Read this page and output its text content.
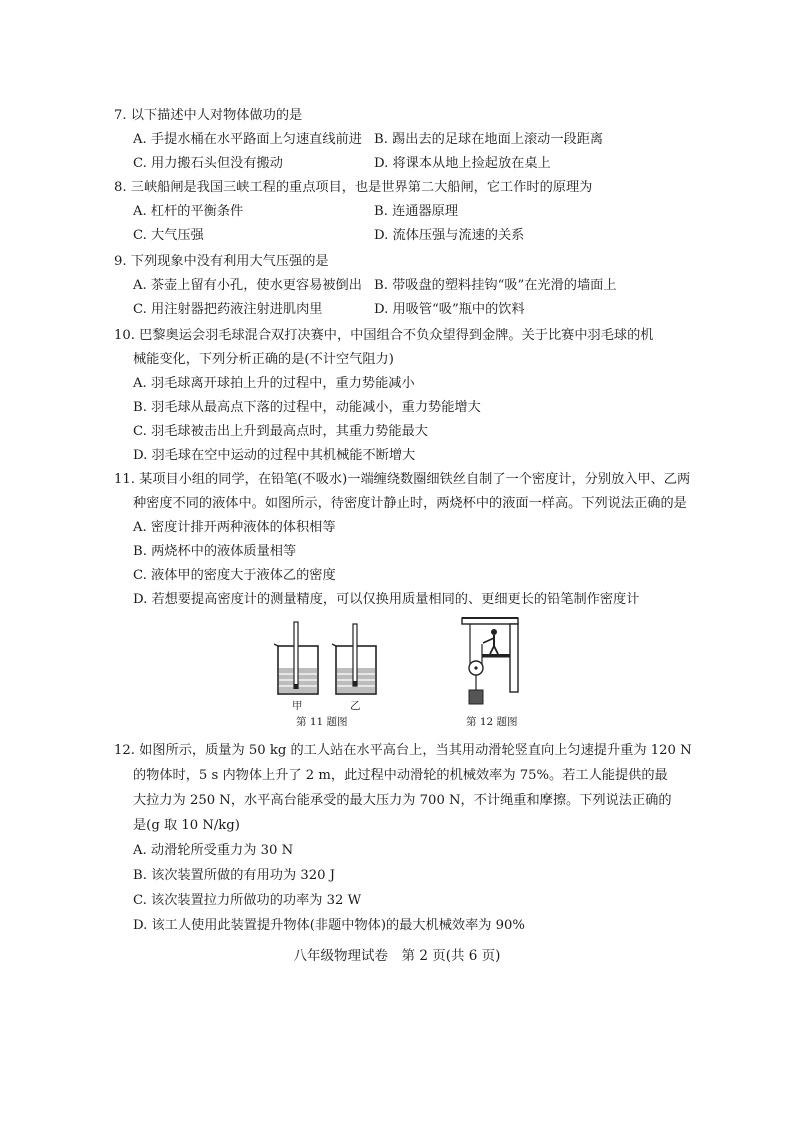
7. 以下描述中人对物体做功的是
A. 手提水桶在水平路面上匀速直线前进 B. 踢出去的足球在地面上滚动一段距离
C. 用力搬石头但没有搬动	D. 将课本从地上捡起放在桌上
8. 三峡船闸是我国三峡工程的重点项目，也是世界第二大船闸，它工作时的原理为
A. 杠杆的平衡条件	B. 连通器原理
C. 大气压强	D. 流体压强与流速的关系
9. 下列现象中没有利用大气压强的是
A. 茶壶上留有小孔，使水更容易被倒出 B. 带吸盘的塑料挂钩“吸”在光滑的墙面上
C. 用注射器把药液注射进肌肉里	D. 用吸管“吸”瓶中的饮料
10. 巴黎奥运会羽毛球混合双打决赛中，中国组合不负众望得到金牌。关于比赛中羽毛球的机
械能变化，下列分析正确的是(不计空气阻力)
A. 羽毛球离开球拍上升的过程中，重力势能减小
B. 羽毛球从最高点下落的过程中，动能减小，重力势能增大
C. 羽毛球被击出上升到最高点时，其重力势能最大
D. 羽毛球在空中运动的过程中其机械能不断增大
11. 某项目小组的同学，在铅笔(不吸水)一端缠绕数圈细铁丝自制了一个密度计，分别放入甲、乙两
种密度不同的液体中。如图所示，待密度计静止时，两烧杯中的液面一样高。下列说法正确的是
A. 密度计排开两种液体的体积相等
B. 两烧杯中的液体质量相等
C. 液体甲的密度大于液体乙的密度
D. 若想要提高密度计的测量精度，可以仅换用质量相同的、更细更长的铅笔制作密度计
甲	乙
第 11 题图	第 12 题图
12. 如图所示，质量为 50 kg 的工人站在水平高台上，当其用动滑轮竖直向上匀速提升重为 120 N
的物体时，5 s 内物体上升了 2 m，此过程中动滑轮的机械效率为 75%。若工人能提供的最
大拉力为 250 N，水平高台能承受的最大压力为 700 N，不计绳重和摩擦。下列说法正确的
是(g 取 10 N/kg)
A. 动滑轮所受重力为 30 N
B. 该次装置所做的有用功为 320 J
C. 该次装置拉力所做功的功率为 32 W
D. 该工人使用此装置提升物体(非题中物体)的最大机械效率为 90%
八年级物理试卷　第 2 页(共 6 页)
